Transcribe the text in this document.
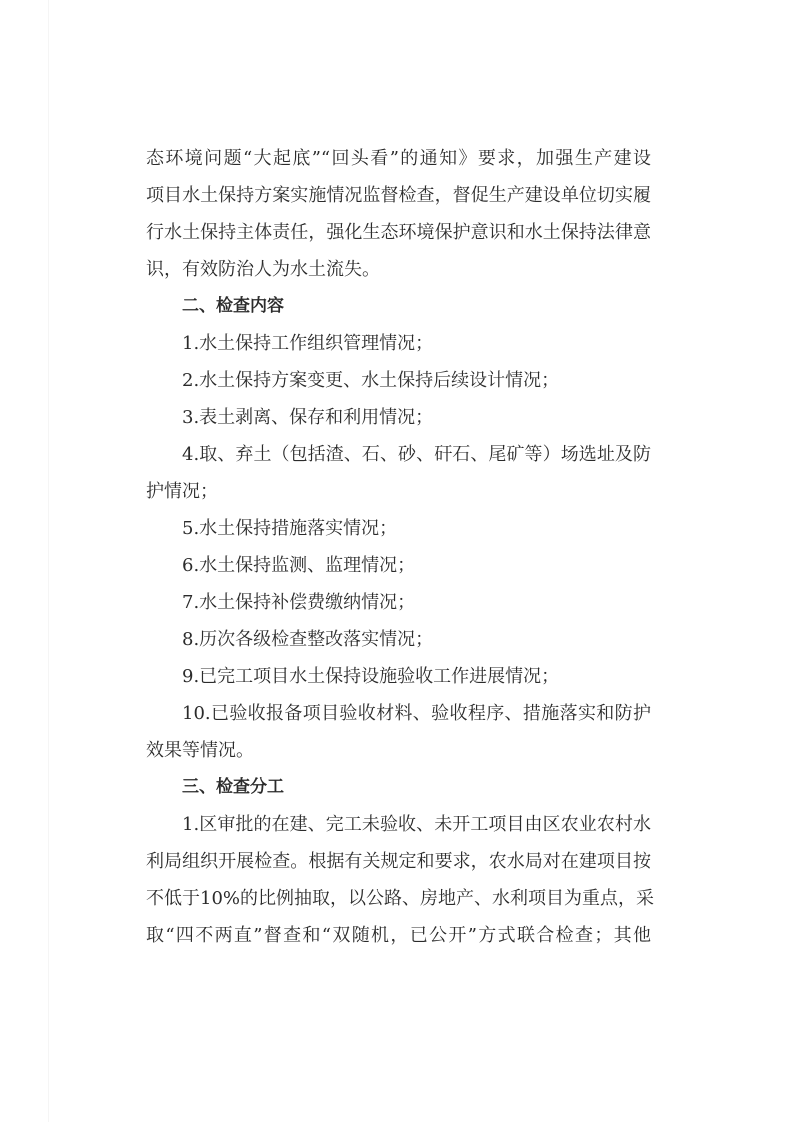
态环境问题“大起底”“回头看”的通知》要求，加强生产建设
项目水土保持方案实施情况监督检查，督促生产建设单位切实履
行水土保持主体责任，强化生态环境保护意识和水土保持法律意
识，有效防治人为水土流失。
二、检查内容
1.水土保持工作组织管理情况；
2.水土保持方案变更、水土保持后续设计情况；
3.表土剥离、保存和利用情况；
4.取、弃土（包括渣、石、砂、矸石、尾矿等）场选址及防
护情况；
5.水土保持措施落实情况；
6.水土保持监测、监理情况；
7.水土保持补偿费缴纳情况；
8.历次各级检查整改落实情况；
9.已完工项目水土保持设施验收工作进展情况；
10.已验收报备项目验收材料、验收程序、措施落实和防护
效果等情况。
三、检查分工
1.区审批的在建、完工未验收、未开工项目由区农业农村水
利局组织开展检查。根据有关规定和要求，农水局对在建项目按
不低于10%的比例抽取，以公路、房地产、水利项目为重点，采
取“四不两直”督查和“双随机，已公开”方式联合检查；其他
